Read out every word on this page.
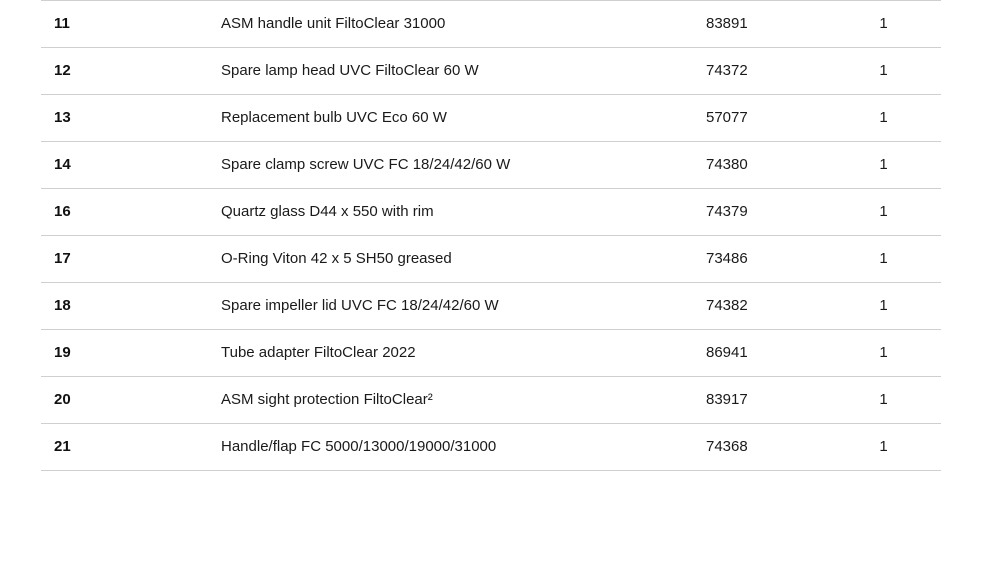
11	ASM handle unit FiltoClear 31000	83891	1
12	Spare lamp head UVC FiltoClear 60 W	74372	1
13	Replacement bulb UVC Eco 60 W	57077	1
14	Spare clamp screw UVC FC 18/24/42/60 W	74380	1
16	Quartz glass D44 x 550 with rim	74379	1
17	O-Ring Viton 42 x 5 SH50 greased	73486	1
18	Spare impeller lid UVC FC 18/24/42/60 W	74382	1
19	Tube adapter FiltoClear 2022	86941	1
20	ASM sight protection FiltoClear²	83917	1
21	Handle/flap FC 5000/13000/19000/31000	74368	1
